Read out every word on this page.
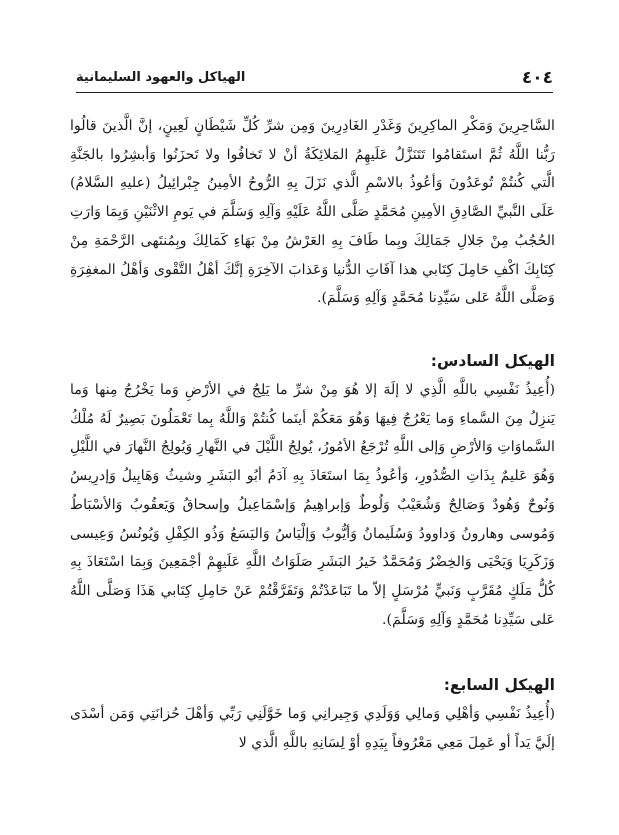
٤٠٤
الهياكل والعهود السليمانية

السَّاحِرِينَ وَمَكْرِ الماكِرِينَ وَغَدْرِ الغَادِرِينَ وَمِن شرِّ كُلِّ شَيْطَانٍ لَعِينٍ، إنَّ الَّذينَ قالُوا رَبُّنا اللَّهُ ثُمَّ استَقامُوا تَتَنَزَّلُ عَلَيهِمُ المَلائِكَةُ أنْ لا تَخافُوا ولا تَحزَنُوا وَأبشِرُوا بالجَنَّةِ الَّتي كُنتُمْ تُوعَدُونَ وَأعُوذُ بالاسْمِ الَّذي نَزَلَ بِهِ الرُّوحُ الأمِينُ جِبْرائِيلُ (عليهِ السَّلامُ) عَلَى النَّبيِّ الصَّادِقِ الأمِينِ مُحَمَّدٍ صَلَّى اللَّهُ عَلَيْهِ وَآلِهِ وَسَلَّمَ في يَومِ الاثْنَيْنِ وَبِمَا وَارَتِ الحُجُبُ مِنْ جَلالِ جَمَالِكَ وبِما طَافَ بِهِ العَرْشُ مِنْ بَهَاءِ كَمَالِكَ وبِمُنتَهى الرَّحْمَةِ مِنْ كِتَابِكَ اكْفِ حَامِلَ كِتَابي هذا آفَاتِ الدُّنيا وَعَذابَ الآخِرَةِ إنَّكَ أهْلُ التَّقْوى وَأهْلُ المغفِرَةِ وَصَلَّى اللَّهُ عَلى سَيِّدِنا مُحَمَّدٍ وَآلِهِ وَسَلَّمَ).

الهيكل السادس:

(أُعِيذُ نَفْسِي باللَّهِ الَّذِي لا إلَهَ إلا هُوَ مِنْ شرِّ ما يَلِجُ في الأرْضِ وَما يَخْرُجُ مِنها وَما يَنزِلُ مِنَ السَّماءِ وَما يَعْرُجُ فِيهَا وَهُوَ مَعَكُمْ أينَما كُنتُمْ وَاللَّهُ بِما تَعْمَلُونَ بَصِيرٌ لَهُ مُلْكُ السَّماوَاتِ وَالأرْضِ وَإلى اللَّهِ تُرْجَعُ الأمُورُ، يُولِجُ اللَّيْلَ في النَّهارِ وَيُولِجُ النَّهارَ في اللَّيْلِ وَهُوَ عَليمٌ بِذَاتِ الصُّدُورِ، وَأعُوذُ بِمَا استَعَاذَ بِهِ آدَمُ أبُو البَشَرِ وشيثُ وَهَابِيلُ وَإدرِيسُ وَنُوحٌ وَهُودٌ وَصَالِحٌ وَشُعَيْبٌ وَلُوطٌ وَإبراهِيمُ وَإسْمَاعِيلُ وإسحاقُ وَيَعقُوبُ وَالأسْبَاطُ وَمُوسى وهارونُ وَداوودُ وَسُلَيمانُ وَأيُّوبُ وَإلْيَاسُ وَاليَسَعُ وَذُو الكِفْلِ وَيُونُسُ وَعِيسى وَزَكَرِيَا وَيَحْيَى وَالخِضْرُ وَمُحَمَّدٌ خَيرُ البَشَرِ صَلَوَاتُ اللَّهِ عَلَيهِمْ أجْمَعِينَ وَبِمَا اسْتَعَاذَ بِهِ كُلُّ مَلَكٍ مُقَرَّبٍ وَنَبيٍّ مُرْسَلٍ إلاّ ما تَبَاعَدْتُمْ وَتَفَرَّقْتُمْ عَنْ حَامِلِ كِتَابي هَذَا وَصَلَّى اللَّهُ عَلى سَيِّدِنا مُحَمَّدٍ وَآلِهِ وَسَلَّمَ).

الهيكل السابع:

(أُعِيذُ نَفْسِي وَأهْلِي وَمالِي وَوَلَدِي وَجِيرانِي وَما خَوَّلَنِي رَبِّي وَأهْلَ حُزانَتِي وَمَن أسْدَى إلَيَّ يَداً أو عَمِلَ مَعِي مَعْرُوفاً بِيَدِهِ أوْ لِسَانِهِ باللَّهِ الَّذي لا
